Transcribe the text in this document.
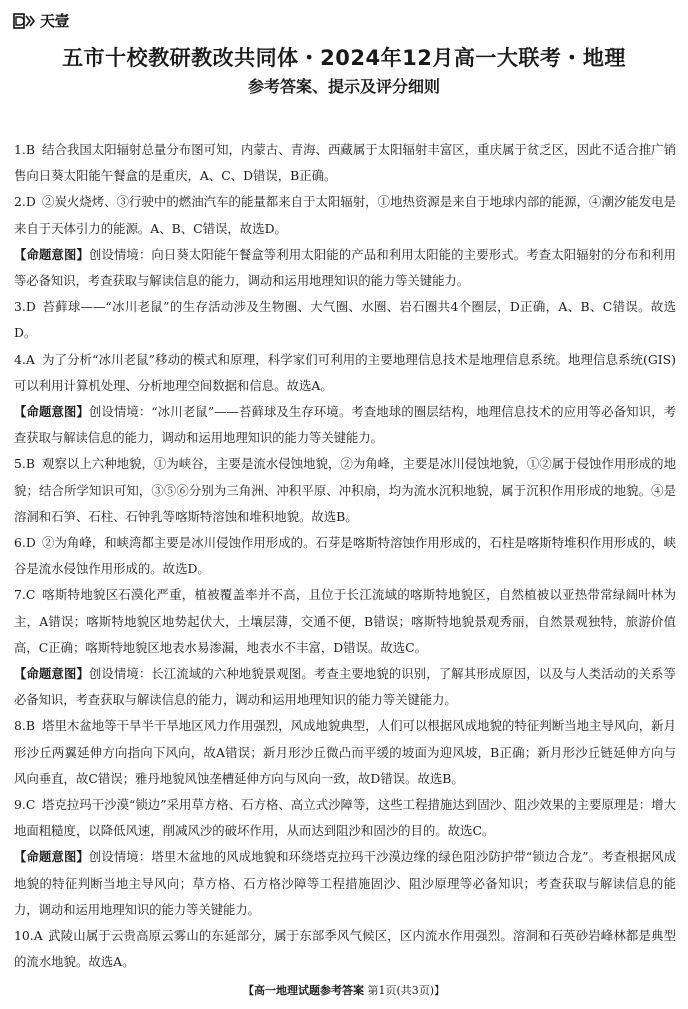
天壹
五市十校教研教改共同体・2024年12月高一大联考・地理
参考答案、提示及评分细则

1.B 结合我国太阳辐射总量分布图可知，内蒙古、青海、西藏属于太阳辐射丰富区，重庆属于贫乏区，因此不适合推广销售向日葵太阳能午餐盒的是重庆，A、C、D错误，B正确。

2.D ②炭火烧烤、③行驶中的燃油汽车的能量都来自于太阳辐射，①地热资源是来自于地球内部的能源，④潮汐能发电是来自于天体引力的能源。A、B、C错误，故选D。

【命题意图】创设情境：向日葵太阳能午餐盒等利用太阳能的产品和利用太阳能的主要形式。考查太阳辐射的分布和利用等必备知识，考查获取与解读信息的能力，调动和运用地理知识的能力等关键能力。

3.D 苔藓球——“冰川老鼠”的生存活动涉及生物圈、大气圈、水圈、岩石圈共4个圈层，D正确，A、B、C错误。故选D。

4.A 为了分析“冰川老鼠”移动的模式和原理，科学家们可利用的主要地理信息技术是地理信息系统。地理信息系统(GIS)可以利用计算机处理、分析地理空间数据和信息。故选A。

【命题意图】创设情境：“冰川老鼠”——苔藓球及生存环境。考查地球的圈层结构，地理信息技术的应用等必备知识，考查获取与解读信息的能力，调动和运用地理知识的能力等关键能力。

5.B 观察以上六种地貌，①为峡谷，主要是流水侵蚀地貌，②为角峰，主要是冰川侵蚀地貌，①②属于侵蚀作用形成的地貌；结合所学知识可知，③⑤⑥分别为三角洲、冲积平原、冲积扇，均为流水沉积地貌，属于沉积作用形成的地貌。④是溶洞和石笋、石柱、石钟乳等喀斯特溶蚀和堆积地貌。故选B。

6.D ②为角峰，和峡湾都主要是冰川侵蚀作用形成的。石芽是喀斯特溶蚀作用形成的，石柱是喀斯特堆积作用形成的，峡谷是流水侵蚀作用形成的。故选D。

7.C 喀斯特地貌区石漠化严重，植被覆盖率并不高，且位于长江流域的喀斯特地貌区，自然植被以亚热带常绿阔叶林为主，A错误；喀斯特地貌区地势起伏大，土壤层薄，交通不便，B错误；喀斯特地貌景观秀丽，自然景观独特，旅游价值高，C正确；喀斯特地貌区地表水易渗漏，地表水不丰富，D错误。故选C。

【命题意图】创设情境：长江流域的六种地貌景观图。考查主要地貌的识别，了解其形成原因，以及与人类活动的关系等必备知识，考查获取与解读信息的能力，调动和运用地理知识的能力等关键能力。

8.B 塔里木盆地等干旱半干旱地区风力作用强烈，风成地貌典型，人们可以根据风成地貌的特征判断当地主导风向，新月形沙丘两翼延伸方向指向下风向，故A错误；新月形沙丘微凸而平缓的坡面为迎风坡，B正确；新月形沙丘链延伸方向与风向垂直，故C错误；雅丹地貌风蚀垄槽延伸方向与风向一致，故D错误。故选B。

9.C 塔克拉玛干沙漠“锁边”采用草方格、石方格、高立式沙障等，这些工程措施达到固沙、阻沙效果的主要原理是：增大地面粗糙度，以降低风速，削减风沙的破坏作用，从而达到阻沙和固沙的目的。故选C。

【命题意图】创设情境：塔里木盆地的风成地貌和环绕塔克拉玛干沙漠边缘的绿色阻沙防护带“锁边合龙”。考查根据风成地貌的特征判断当地主导风向；草方格、石方格沙障等工程措施固沙、阻沙原理等必备知识；考查获取与解读信息的能力，调动和运用地理知识的能力等关键能力。

10.A 武陵山属于云贵高原云雾山的东延部分，属于东部季风气候区，区内流水作用强烈。溶洞和石英砂岩峰林都是典型的流水地貌。故选A。

【高一地理试题参考答案 第1页(共3页)】
